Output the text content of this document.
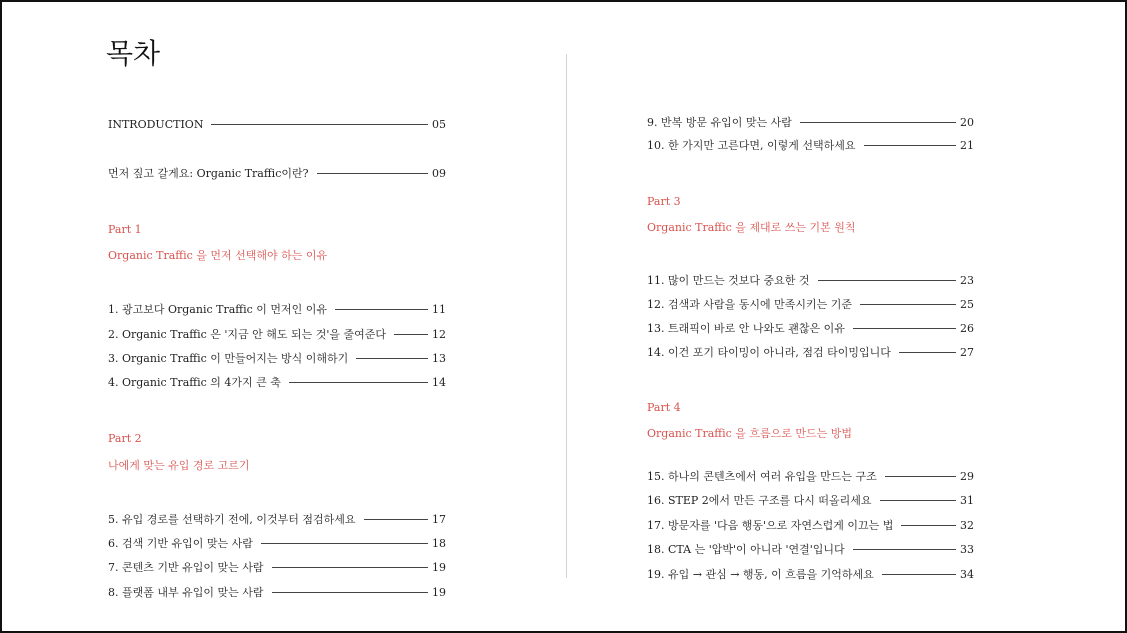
목차
INTRODUCTION	05
먼저 짚고 갈게요: Organic Traffic이란?	09
Part 1
Organic Traffic 을 먼저 선택해야 하는 이유
1. 광고보다 Organic Traffic 이 먼저인 이유	11
2. Organic Traffic 은 '지금 안 해도 되는 것'을 줄여준다	12
3. Organic Traffic 이 만들어지는 방식 이해하기	13
4. Organic Traffic 의 4가지 큰 축	14
Part 2
나에게 맞는 유입 경로 고르기
5. 유입 경로를 선택하기 전에, 이것부터 점검하세요	17
6. 검색 기반 유입이 맞는 사람	18
7. 콘텐츠 기반 유입이 맞는 사람	19
8. 플랫폼 내부 유입이 맞는 사람	19
9. 반복 방문 유입이 맞는 사람	20
10. 한 가지만 고른다면, 이렇게 선택하세요	21
Part 3
Organic Traffic 을 제대로 쓰는 기본 원칙
11. 많이 만드는 것보다 중요한 것	23
12. 검색과 사람을 동시에 만족시키는 기준	25
13. 트래픽이 바로 안 나와도 괜찮은 이유	26
14. 이건 포기 타이밍이 아니라, 점검 타이밍입니다	27
Part 4
Organic Traffic 을 흐름으로 만드는 방법
15. 하나의 콘텐츠에서 여러 유입을 만드는 구조	29
16. STEP 2에서 만든 구조를 다시 떠올리세요	31
17. 방문자를 '다음 행동'으로 자연스럽게 이끄는 법	32
18. CTA 는 '압박'이 아니라 '연결'입니다	33
19. 유입 → 관심 → 행동, 이 흐름을 기억하세요	34
